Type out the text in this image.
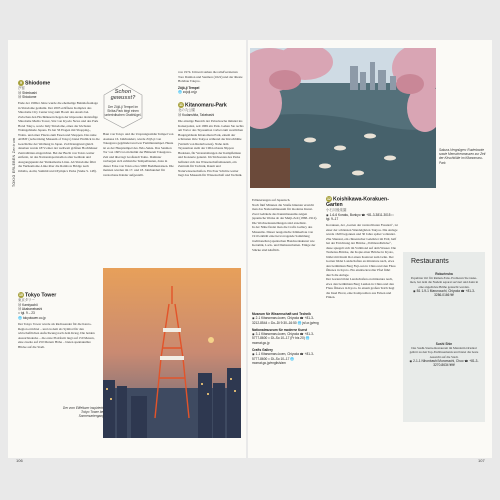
TOKIO ERLEBEN Zentrum
9 Shiodome
汐留
Ⓜ Shimbashi
Ⓜ Shiodome
Ende der 1990er Jahre wurde die ehemalige Bahnhofsanlage in Shiodome geräumt. Der 2003 eröffnete Komplex des Shiodome City Center trug zum Boom des Areals bei. Zwischen den Hochhäusern liegen der imposante dreistufige Shiodome Media Tower, Sitz von Kyodo News und des Park Hotel Tokyo, sowie Italy Shiodome, eines der höchsten Wohngebäude Japans. Es hat 56 Etagen mit Shopping-, Wohn- und einer Plazza zum Essen und Shoppen. Das nahe ADMT (Advertising Museum of Tokyo) bietet Einblick in die Geschichte der Werbung in Japan. Zu Dirtengrund gleich daneben wurde 1872 einer der weltweit größten Hochhäuser Zentralitäten eingerichtet. Bei der Bucht von Tokio weiter entfernt, ist das Nationalsportstadion alter Gelände und Ausgangspunkt der Yurikamome Linie. Ab Shiodome fährt die Yurikamome-Linie über die Rainbow Bridge nach Odaiba, Aomi, Summit und Olympics Parks (Siehe S. 148).
Schon gewusst?
Der Zōjō-ji Tempel im Shiba-Park birgt einen unterirdischen Grabhügel.
Baut von Tokyo und die Ursprungsstädte Tempel von Asakusa 16. Jahrhundert, wurde Zōjō-ji von Tokugawa gegründet und war Familientempel. Heute ist es der Haupttempel des Jōdo-Sekte. Das Sanmon Tor von 1605 ist ein Relikt der Blütezeit Tokugawa-Zeit und überragt Großstadt Tokio. Dahinter verbergen sich zahlreiche Tempelbauten, dazu in dieser Ecke von Tokio etwa 5000 Buddhastatuen. Die meisten wurden im 17. und 18. Jahrhundert für verstorbene Kinder aufgestellt.
10 Tokyo Tower
東京タワー
Ⓜ Kamiyachō
Ⓜ Akabanebashi
□ tgl. 9 – 23
🌐 tokyotower.co.jp
Der Tokyo Tower wurde als Radiosender für die Kanto-Region errichtet – und zu dem als Symbol für den wirtschaftlichen Aufschwung nach dem Krieg. Die beiden Aussichtsdecks – die erste Plattform liegt auf 150 Metern, eine zweite auf 250 Metern Höhe – bieten spektakuläre Blicke auf die Stadt.
Der vom Eiffelturm inspirierte Tokyo Tower bei Sonnenuntergang
von 1974. Umweit stehen die reliefverzierten Tore Daimon und Sanmon (1622) und der älteste Holzbau Tokyos.
Zōjō-ji Tempel
🌐 zojoji.or.jp
11 Kitanomaru-Park
北の丸公園
Ⓜ Kudanshita, Takebashi
Die einstige Bereich der Palastwache mündet ins Kaiserpalast, seit 1969 ein Park. Gehen Sie rechts am Vortor des Tayasumon vorbei zum westlichen Hauptgebäude Kitanomaru Park, einem der schönsten Orte Tokyos während der Kirschblüte (Verleih von Ruderbooten). Nahe dem Tayasumon steht der 1964 erbaute Nippon Budokan, für Veranstaltungen der Kampfkünste und Konzerte genutzt. Im Südwesten des Parks befindet sich das Wissenschaftsmuseum, ein Zentrum für Technik, Raum und Naturwissenschaften. Ein Paar Schritte weiter liegt das Museum für Wissenschaft und Technik.
106
Sakura-Vergnügen: Ruderboote sowie Menschenmassen zur Zeit der Kirschblüte im Kitanomaru-Park
Erläuterungen auf Japanisch.
Nach fünf Minuten die Straße hinunter erreicht man das Nationalmuseum für moderne Kunst.
Zwei Gebäude des Kunstmuseums zeigen japanische Werke ab der Meiji-Zeit (1868–1912). Die Wechselausstellungen sind exzellent.
In der Nähe findet man die Crafts Gallery des Museums. Dieser neugotische Klinkerbau von 1910 enthält eine hervorragende Sammlung traditionellen japanischen Handwerkskunst wie Keramik, Lack- und Damastarbeiten. Einige der Stücke sind käuflich.
Museum für Wissenschaft und Technik
◉ 2-1 Kitanomaru-koen, Chiyoda ☎ +81-3-3212-8544 □ Do–Di 9:30–16:50 🌐 jsf.or.jp/eng
Nationalmuseum für moderne Kunst
◉ 3-1 Kitanomaru-koen, Chiyoda ☎ +81-3-5777-8600 □ Di–So 10–17 (Fr bis 20) 🌐 momat.go.jp
Crafts Gallery
◉ 1-1 Kitanomaru-koen, Chiyoda ☎ +81-3-5777-8600 □ Di–So 10–17 🌐 momat.go.jp/english/am
12 Koishikawa-Korakuen-Garten
小石川後楽園
◉ 1-6-6 Koraku, Bunkyo ☎ +81-3-3811-3015 □ tgl. 9–17
Korakuen, der „Garten der verstrebbaren Freuden“, ist einer der schönsten Wandelgärten Tokyos. Die Anlage wurde 1629 begonnen und 30 Jahre später vollendet. Zhu Shunsui, ein chinesischer Gelehrter im Exil, half bei der Errichtung der Brücke „Vollmondbrücke“, diese spiegelt sich im Vollmond auf dem Wasser. Die Tsubetsu-Brücke, die Kopie einer Brücke in Kyoto, bildet mit ihrem Rot einen Kontrast zum Grün. Der Garten bildet Landschaften en miniature nach, etwa den berühmten Berg Fuji-san in China und den Fluss Ōikawa in Kyoto. Ein eindrucksvoller Pfad führt durch die Anlage.
Der Garten bildet Landschaften en miniature nach, etwa den berühmten Berg Lushan in China und den Fluss Ōikawa in Kyoto. In einem großen Teich liegt die Insel Horai, eine Komposition aus Felsen und Pinien.
Restaurants
Rokurinsha
Populärer Ort für Ramen-Fans. Probieren Sie tsuke-men, bei dem die Nudeln separat serviert und dann in eine angedickte Brühe getaucht werden.
◉ B1 1-9-1 Marunouchi, Chiyoda ☎ +81-3-3286-0166 ¥¥
Sushi Shin
Das Sushi-Sterne-Restaurant im Mandarin Oriental gehört zu den Top-Etablissements und bietet die beste Aussicht auf die Stadt.
◉ 2-1-1 Nihonbashi Muromachi, Chuo ☎ +81-3-3270-8634 ¥¥¥
107
